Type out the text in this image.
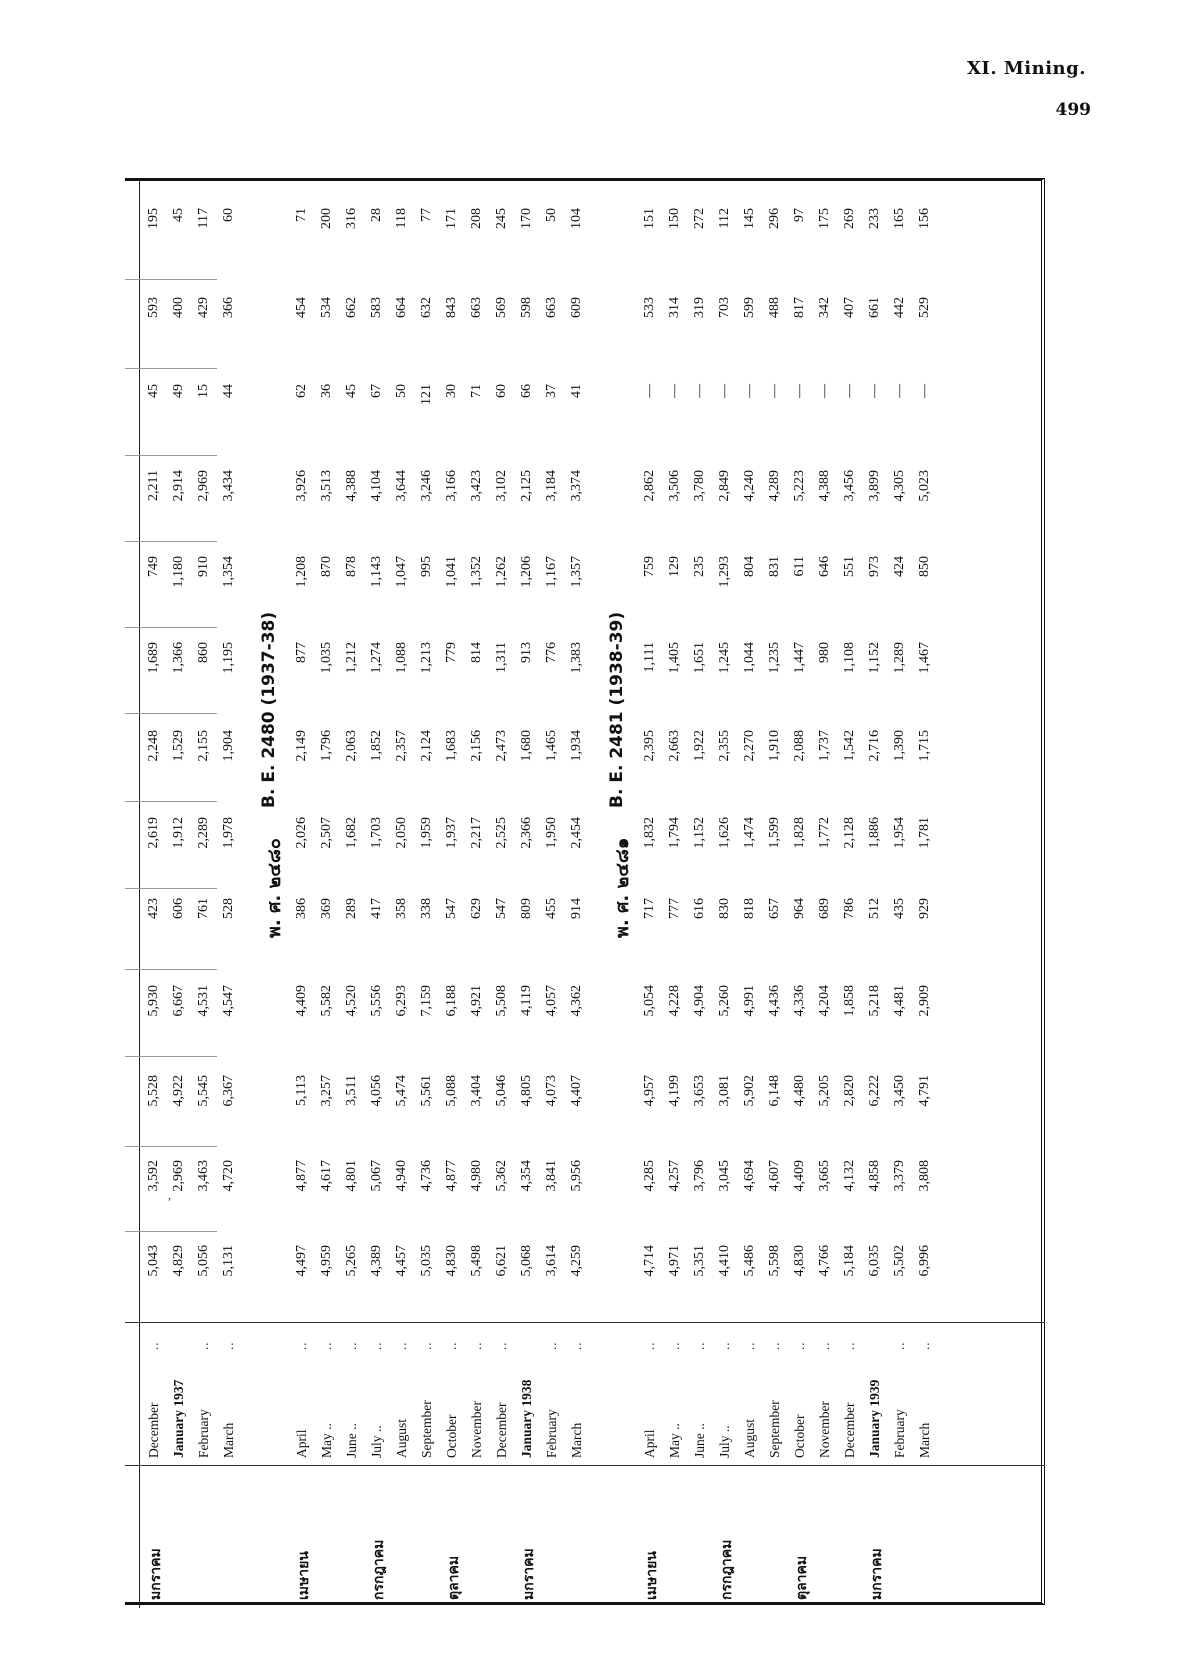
XI. Mining.
499
,
มกราคม
December
..
5,043
3,592
5,528
5,930
423
2,619
2,248
1,689
749
2,211
45
593
195
January 1937
4,829
2,969
4,922
6,667
606
1,912
1,529
1,366
1,180
2,914
49
400
45
February
..
5,056
3,463
5,545
4,531
761
2,289
2,155
860
910
2,969
15
429
117
March
..
5,131
4,720
6,367
4,547
528
1,978
1,904
1,195
1,354
3,434
44
366
60
พ. ศ. ๒๔๘๐
B. E. 2480 (1937-38)
เมษายน
April
..
4,497
4,877
5,113
4,409
386
2,026
2,149
877
1,208
3,926
62
454
71
May ..
..
4,959
4,617
3,257
5,582
369
2,507
1,796
1,035
870
3,513
36
534
200
June ..
..
5,265
4,801
3,511
4,520
289
1,682
2,063
1,212
878
4,388
45
662
316
กรกฎาคม
July ..
..
4,389
5,067
4,056
5,556
417
1,703
1,852
1,274
1,143
4,104
67
583
28
August
..
4,457
4,940
5,474
6,293
358
2,050
2,357
1,088
1,047
3,644
50
664
118
September
..
5,035
4,736
5,561
7,159
338
1,959
2,124
1,213
995
3,246
121
632
77
ตุลาคม
October
..
4,830
4,877
5,088
6,188
547
1,937
1,683
779
1,041
3,166
30
843
171
November
..
5,498
4,980
3,404
4,921
629
2,217
2,156
814
1,352
3,423
71
663
208
December
..
6,621
5,362
5,046
5,508
547
2,525
2,473
1,311
1,262
3,102
60
569
245
มกราคม
January 1938
5,068
4,354
4,805
4,119
809
2,366
1,680
913
1,206
2,125
66
598
170
February
..
3,614
3,841
4,073
4,057
455
1,950
1,465
776
1,167
3,184
37
663
50
March
..
4,259
5,956
4,407
4,362
914
2,454
1,934
1,383
1,357
3,374
41
609
104
พ. ศ. ๒๔๘๑
B. E. 2481 (1938-39)
เมษายน
April
..
4,714
4,285
4,957
5,054
717
1,832
2,395
1,111
759
2,862
—
533
151
May ..
..
4,971
4,257
4,199
4,228
777
1,794
2,663
1,405
129
3,506
—
314
150
June ..
..
5,351
3,796
3,653
4,904
616
1,152
1,922
1,651
235
3,780
—
319
272
กรกฎาคม
July ..
..
4,410
3,045
3,081
5,260
830
1,626
2,355
1,245
1,293
2,849
—
703
112
August
..
5,486
4,694
5,902
4,991
818
1,474
2,270
1,044
804
4,240
—
599
145
September
..
5,598
4,607
6,148
4,436
657
1,599
1,910
1,235
831
4,289
—
488
296
ตุลาคม
October
..
4,830
4,409
4,480
4,336
964
1,828
2,088
1,447
611
5,223
—
817
97
November
..
4,766
3,665
5,205
4,204
689
1,772
1,737
980
646
4,388
—
342
175
December
..
5,184
4,132
2,820
1,858
786
2,128
1,542
1,108
551
3,456
—
407
269
มกราคม
January 1939
6,035
4,858
6,222
5,218
512
1,886
2,716
1,152
973
3,899
—
661
233
February
..
5,502
3,379
3,450
4,481
435
1,954
1,390
1,289
424
4,305
—
442
165
March
..
6,996
3,808
4,791
2,909
929
1,781
1,715
1,467
850
5,023
—
529
156
